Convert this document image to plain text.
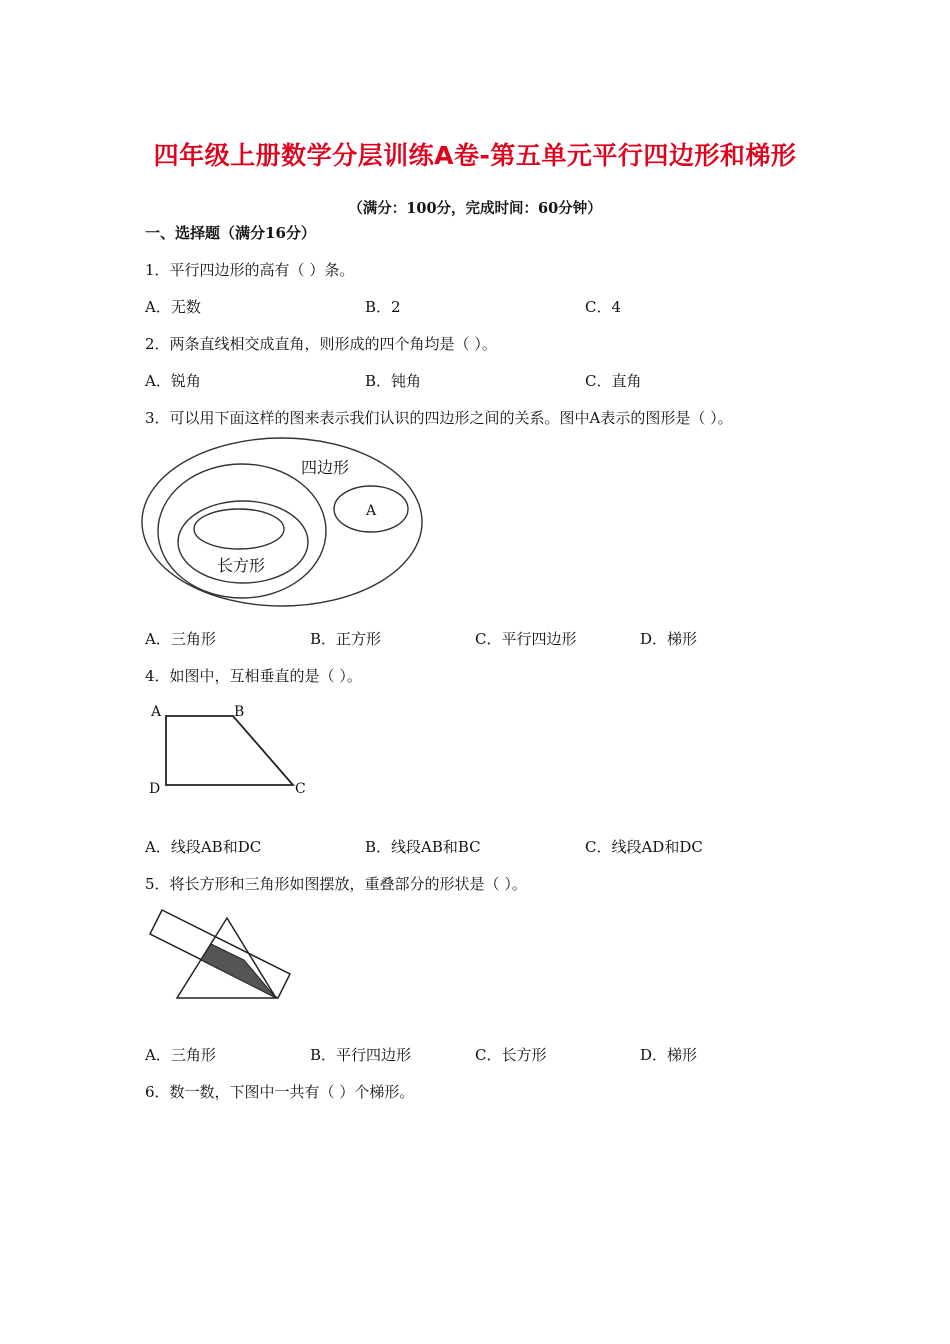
四年级上册数学分层训练A卷-第五单元平行四边形和梯形
（满分：100分，完成时间：60分钟）
一、选择题（满分16分）
1．平行四边形的高有（ ）条。
A．无数	B．2	C．4
2．两条直线相交成直角，则形成的四个角均是（ ）。
A．锐角	B．钝角	C．直角
3．可以用下面这样的图来表示我们认识的四边形之间的关系。图中A表示的图形是（ ）。
四边形
长方形
A
A．三角形	B．正方形	C．平行四边形	D．梯形
4．如图中，互相垂直的是（ ）。
A	B
C
D
A．线段AB和DC	B．线段AB和BC	C．线段AD和DC
5．将长方形和三角形如图摆放，重叠部分的形状是（ ）。
A．三角形	B．平行四边形	C．长方形	D．梯形
6．数一数，下图中一共有（ ）个梯形。
